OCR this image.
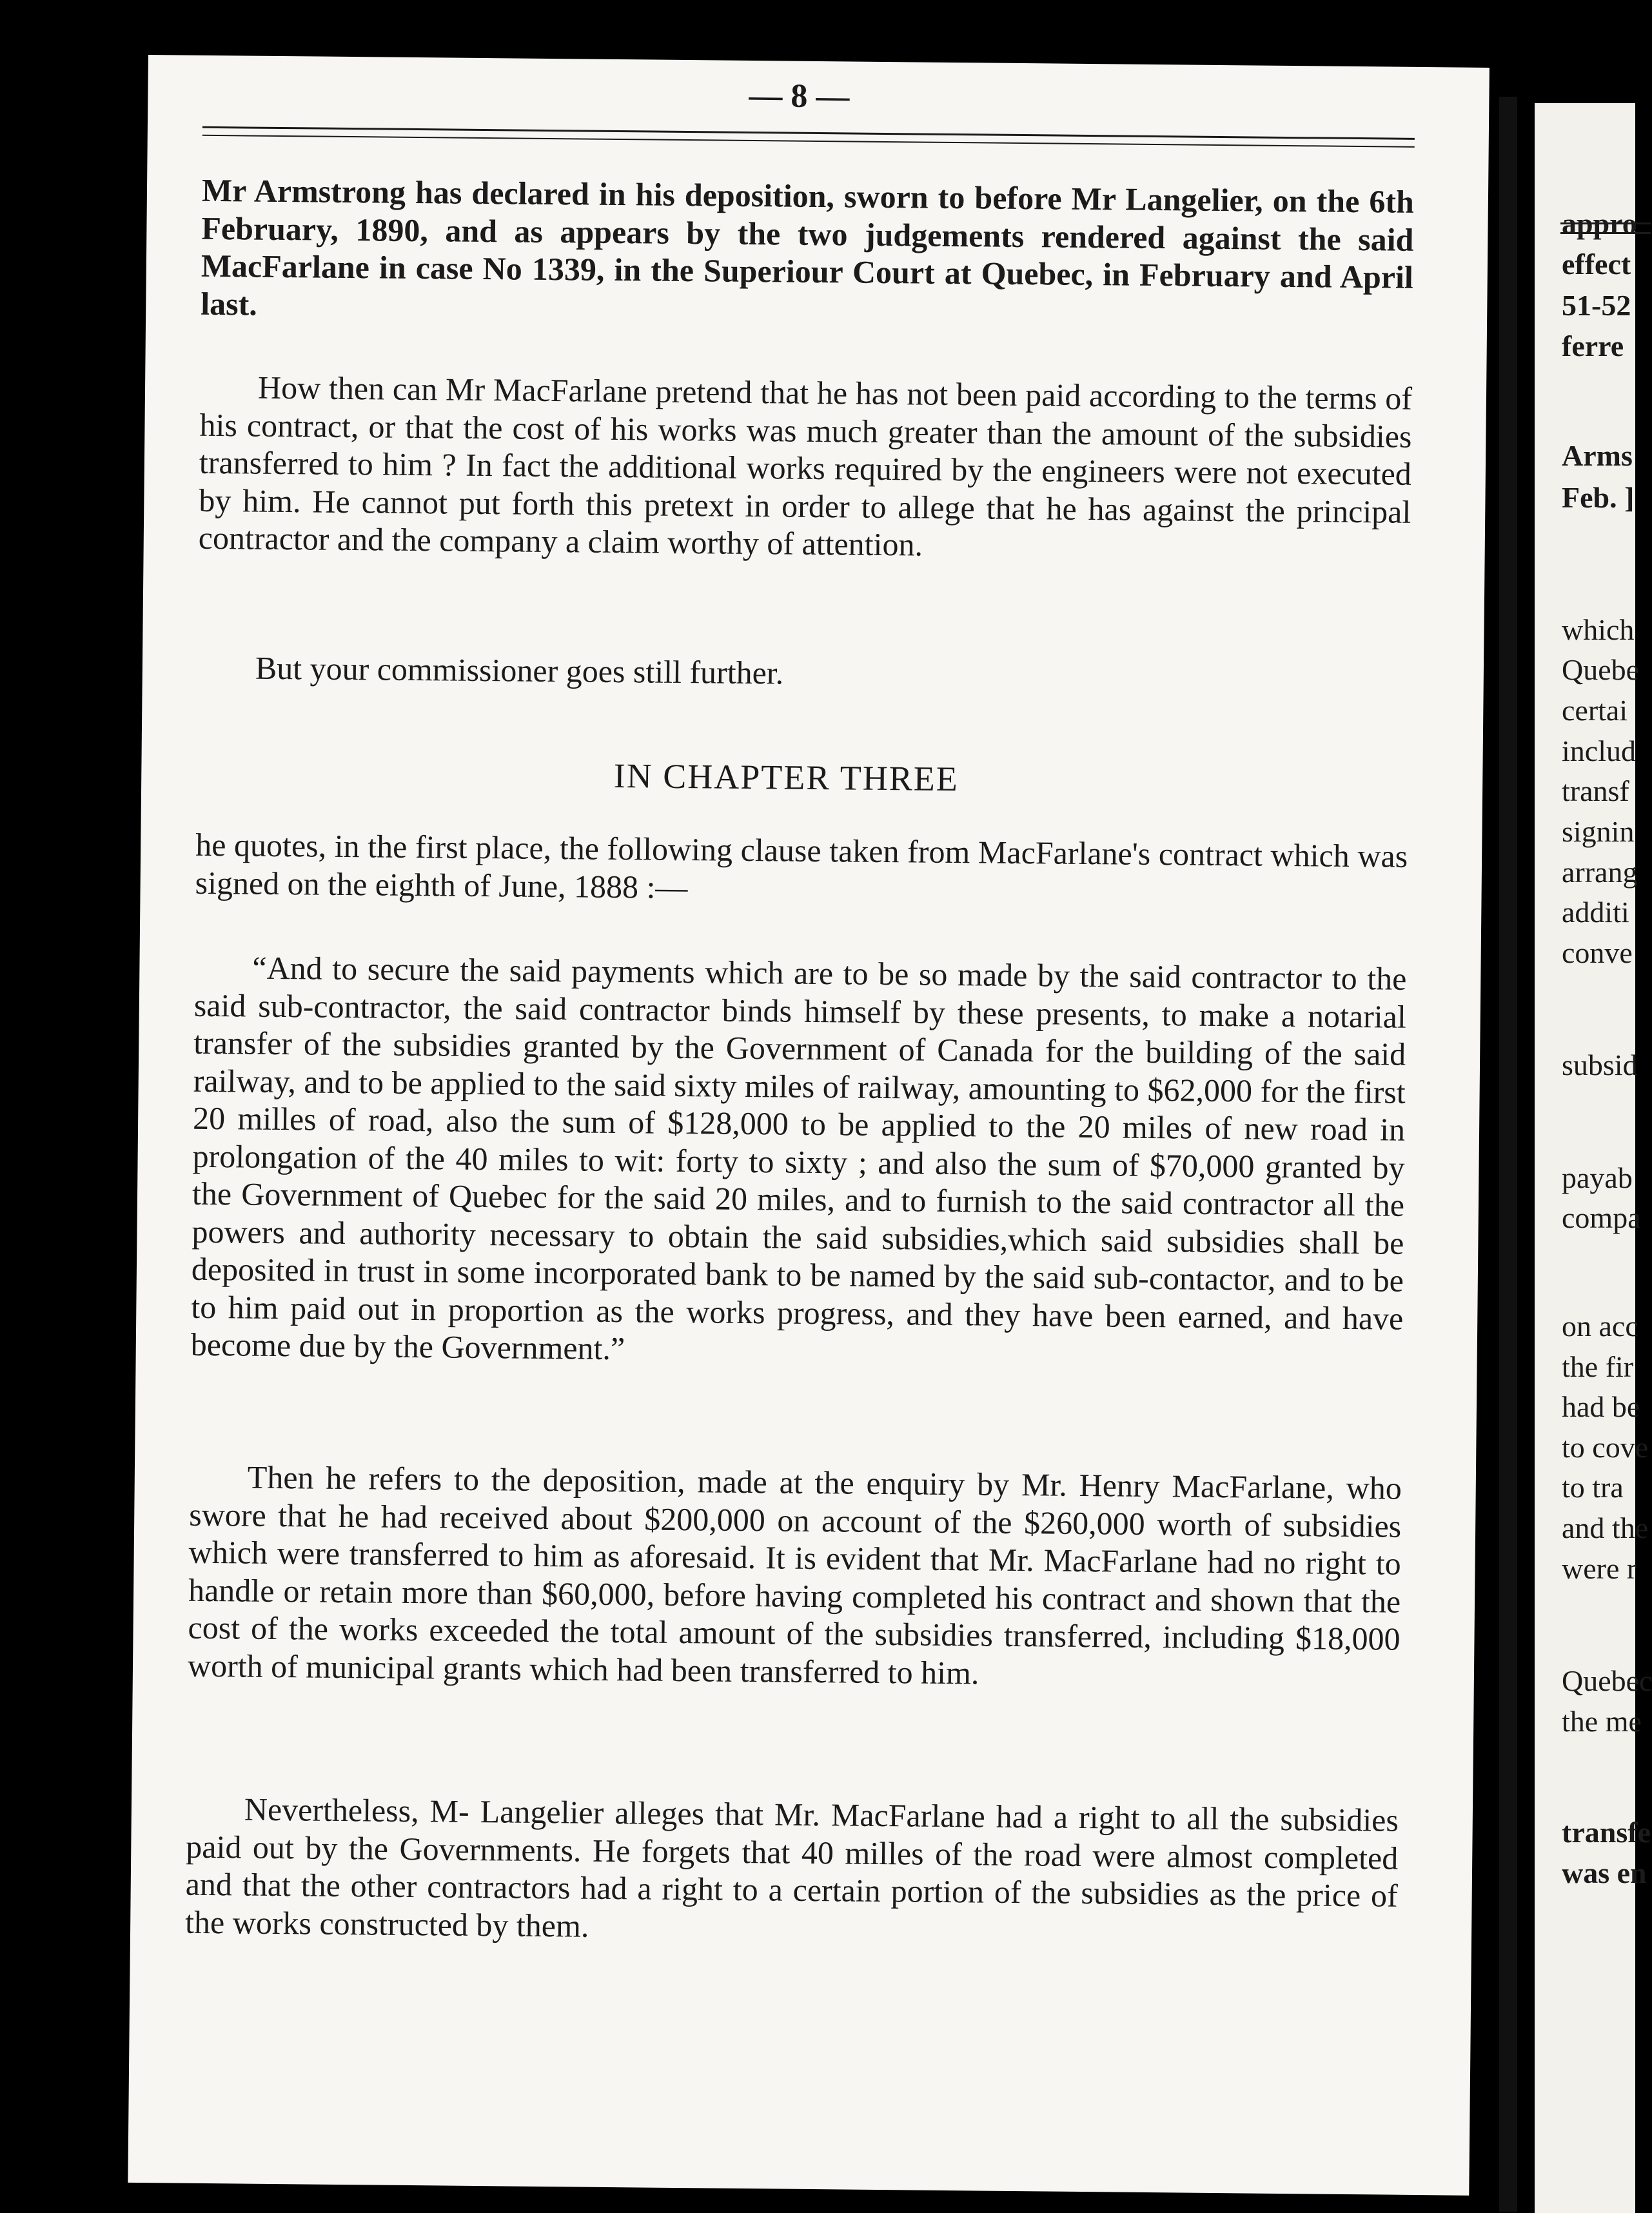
— 8 —

Mr Armstrong has declared in his deposition, sworn to before Mr Langelier, on the 6th February, 1890, and as appears by the two judgements rendered against the said MacFarlane in case No 1339, in the Superiour Court at Quebec, in February and April last.

How then can Mr MacFarlane pretend that he has not been paid according to the terms of his contract, or that the cost of his works was much greater than the amount of the subsidies transferred to him ? In fact the additional works required by the engineers were not executed by him. He cannot put forth this pretext in order to allege that he has against the principal contractor and the company a claim worthy of attention.

But your commissioner goes still further.

IN CHAPTER THREE

he quotes, in the first place, the following clause taken from MacFarlane's contract which was signed on the eighth of June, 1888 :—

“And to secure the said payments which are to be so made by the said contractor to the said sub-contractor, the said contractor binds himself by these presents, to make a notarial transfer of the subsidies granted by the Government of Canada for the building of the said railway, and to be applied to the said sixty miles of railway, amounting to $62,000 for the first 20 milles of road, also the sum of $128,000 to be applied to the 20 miles of new road in prolongation of the 40 miles to wit: forty to sixty ; and also the sum of $70,000 granted by the Government of Quebec for the said 20 miles, and to furnish to the said contractor all the powers and authority necessary to obtain the said subsidies,which said subsidies shall be deposited in trust in some incorporated bank to be named by the said sub-contactor, and to be to him paid out in proportion as the works progress, and they have been earned, and have become due by the Government.”

Then he refers to the deposition, made at the enquiry by Mr. Henry MacFarlane, who swore that he had received about $200,000 on account of the $260,000 worth of subsidies which were transferred to him as aforesaid. It is evident that Mr. MacFarlane had no right to handle or retain more than $60,000, before having completed his contract and shown that the cost of the works exceeded the total amount of the subsidies transferred, including $18,000 worth of municipal grants which had been transferred to him.

Nevertheless, M- Langelier alleges that Mr. MacFarlane had a right to all the subsidies paid out by the Governments. He forgets that 40 milles of the road were almost completed and that the other contractors had a right to a certain portion of the subsidies as the price of the works constructed by them.

appro
effect
51-52
ferre
Arms
Feb. ]
which
Quebe
certai
includ
transf
signin
arrang
additi
conve
subsid
payab
compa
on acc
the fir
had be
to cove
to tra
and the
were r
Quebec
the me
transfe
was en
